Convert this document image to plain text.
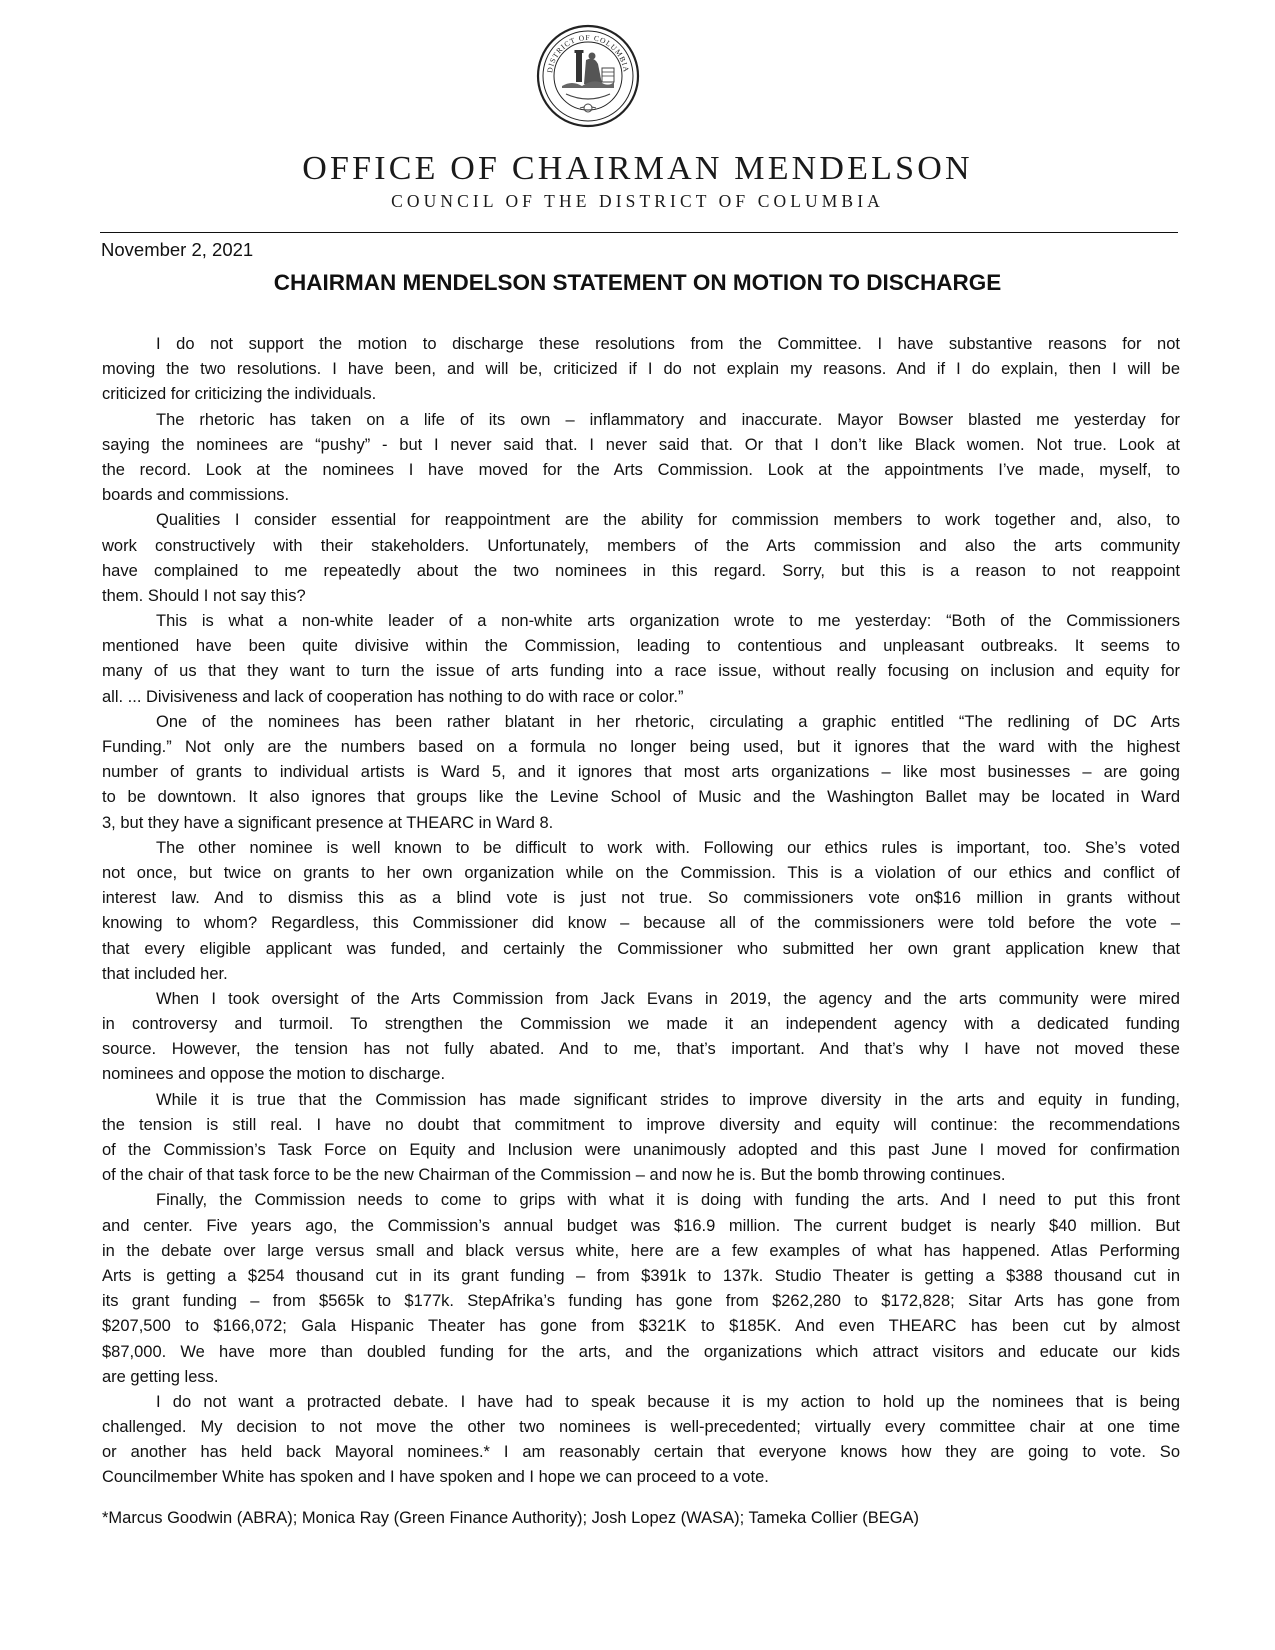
DISTRICT OF COLUMBIA
OFFICE OF CHAIRMAN MENDELSON
COUNCIL OF THE DISTRICT OF COLUMBIA
November 2, 2021
CHAIRMAN MENDELSON STATEMENT ON MOTION TO DISCHARGE
I do not support the motion to discharge these resolutions from the Committee. I have substantive reasons for not
moving the two resolutions. I have been, and will be, criticized if I do not explain my reasons. And if I do explain, then I will be
criticized for criticizing the individuals.
The rhetoric has taken on a life of its own – inflammatory and inaccurate. Mayor Bowser blasted me yesterday for
saying the nominees are “pushy” - but I never said that. I never said that. Or that I don’t like Black women. Not true. Look at
the record. Look at the nominees I have moved for the Arts Commission. Look at the appointments I’ve made, myself, to
boards and commissions.
Qualities I consider essential for reappointment are the ability for commission members to work together and, also, to
work constructively with their stakeholders. Unfortunately, members of the Arts commission and also the arts community
have complained to me repeatedly about the two nominees in this regard. Sorry, but this is a reason to not reappoint
them. Should I not say this?
This is what a non-white leader of a non-white arts organization wrote to me yesterday: “Both of the Commissioners
mentioned have been quite divisive within the Commission, leading to contentious and unpleasant outbreaks. It seems to
many of us that they want to turn the issue of arts funding into a race issue, without really focusing on inclusion and equity for
all. ... Divisiveness and lack of cooperation has nothing to do with race or color.”
One of the nominees has been rather blatant in her rhetoric, circulating a graphic entitled “The redlining of DC Arts
Funding.” Not only are the numbers based on a formula no longer being used, but it ignores that the ward with the highest
number of grants to individual artists is Ward 5, and it ignores that most arts organizations – like most businesses – are going
to be downtown. It also ignores that groups like the Levine School of Music and the Washington Ballet may be located in Ward
3, but they have a significant presence at THEARC in Ward 8.
The other nominee is well known to be difficult to work with. Following our ethics rules is important, too. She’s voted
not once, but twice on grants to her own organization while on the Commission. This is a violation of our ethics and conflict of
interest law. And to dismiss this as a blind vote is just not true. So commissioners vote on$16 million in grants without
knowing to whom? Regardless, this Commissioner did know – because all of the commissioners were told before the vote –
that every eligible applicant was funded, and certainly the Commissioner who submitted her own grant application knew that
that included her.
When I took oversight of the Arts Commission from Jack Evans in 2019, the agency and the arts community were mired
in controversy and turmoil. To strengthen the Commission we made it an independent agency with a dedicated funding
source. However, the tension has not fully abated. And to me, that’s important. And that’s why I have not moved these
nominees and oppose the motion to discharge.
While it is true that the Commission has made significant strides to improve diversity in the arts and equity in funding,
the tension is still real. I have no doubt that commitment to improve diversity and equity will continue: the recommendations
of the Commission’s Task Force on Equity and Inclusion were unanimously adopted and this past June I moved for confirmation
of the chair of that task force to be the new Chairman of the Commission – and now he is. But the bomb throwing continues.
Finally, the Commission needs to come to grips with what it is doing with funding the arts. And I need to put this front
and center. Five years ago, the Commission’s annual budget was $16.9 million. The current budget is nearly $40 million. But
in the debate over large versus small and black versus white, here are a few examples of what has happened. Atlas Performing
Arts is getting a $254 thousand cut in its grant funding – from $391k to 137k. Studio Theater is getting a $388 thousand cut in
its grant funding – from $565k to $177k. StepAfrika’s funding has gone from $262,280 to $172,828; Sitar Arts has gone from
$207,500 to $166,072; Gala Hispanic Theater has gone from $321K to $185K. And even THEARC has been cut by almost
$87,000. We have more than doubled funding for the arts, and the organizations which attract visitors and educate our kids
are getting less.
I do not want a protracted debate. I have had to speak because it is my action to hold up the nominees that is being
challenged. My decision to not move the other two nominees is well-precedented; virtually every committee chair at one time
or another has held back Mayoral nominees.* I am reasonably certain that everyone knows how they are going to vote. So
Councilmember White has spoken and I have spoken and I hope we can proceed to a vote.
*Marcus Goodwin (ABRA); Monica Ray (Green Finance Authority); Josh Lopez (WASA); Tameka Collier (BEGA)
